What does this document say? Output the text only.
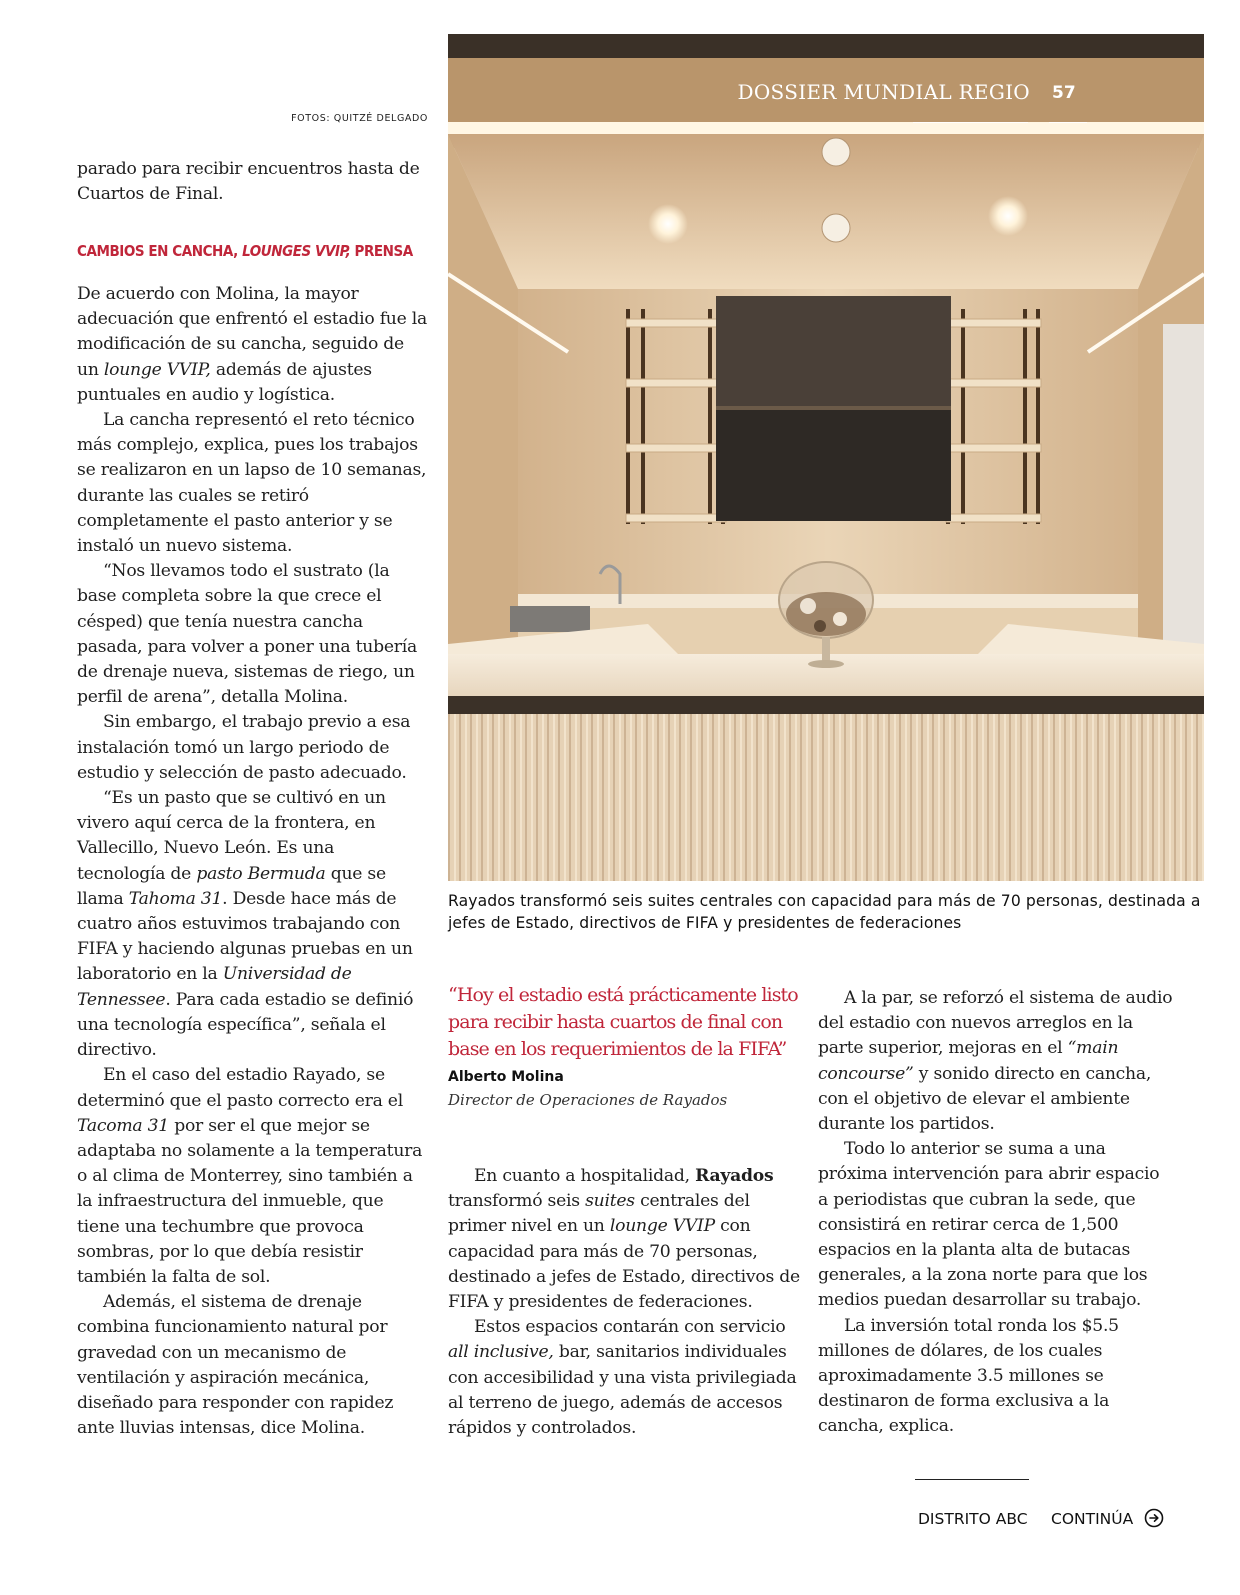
FOTOS: QUITZÉ DELGADO
DOSSIER MUNDIAL REGIO 57

parado para recibir encuentros hasta de Cuartos de Final.

CAMBIOS EN CANCHA, LOUNGES VVIP, PRENSA

De acuerdo con Molina, la mayor adecuación que enfrentó el estadio fue la modificación de su cancha, seguido de un lounge VVIP, además de ajustes puntuales en audio y logística.

La cancha representó el reto técnico más complejo, explica, pues los trabajos se realizaron en un lapso de 10 semanas, durante las cuales se retiró completamente el pasto anterior y se instaló un nuevo sistema.

“Nos llevamos todo el sustrato (la base completa sobre la que crece el césped) que tenía nuestra cancha pasada, para volver a poner una tubería de drenaje nueva, sistemas de riego, un perfil de arena”, detalla Molina.

Sin embargo, el trabajo previo a esa instalación tomó un largo periodo de estudio y selección de pasto adecuado.

“Es un pasto que se cultivó en un vivero aquí cerca de la frontera, en Vallecillo, Nuevo León. Es una tecnología de pasto Bermuda que se llama Tahoma 31. Desde hace más de cuatro años estuvimos trabajando con FIFA y haciendo algunas pruebas en un laboratorio en la Universidad de Tennessee. Para cada estadio se definió una tecnología específica”, señala el directivo.

En el caso del estadio Rayado, se determinó que el pasto correcto era el Tacoma 31 por ser el que mejor se adaptaba no solamente a la temperatura o al clima de Monterrey, sino también a la infraestructura del inmueble, que tiene una techumbre que provoca sombras, por lo que debía resistir también la falta de sol.

Además, el sistema de drenaje combina funcionamiento natural por gravedad con un mecanismo de ventilación y aspiración mecánica, diseñado para responder con rapidez ante lluvias intensas, dice Molina.

Rayados transformó seis suites centrales con capacidad para más de 70 personas, destinada a jefes de Estado, directivos de FIFA y presidentes de federaciones
“Hoy el estadio está prácticamente listo para recibir hasta cuartos de final con base en los requerimientos de la FIFA”
Alberto Molina
Director de Operaciones de Rayados

En cuanto a hospitalidad, Rayados transformó seis suites centrales del primer nivel en un lounge VVIP con capacidad para más de 70 personas, destinado a jefes de Estado, directivos de FIFA y presidentes de federaciones.

Estos espacios contarán con servicio all inclusive, bar, sanitarios individuales con accesibilidad y una vista privilegiada al terreno de juego, además de accesos rápidos y controlados.

A la par, se reforzó el sistema de audio del estadio con nuevos arreglos en la parte superior, mejoras en el “main concourse” y sonido directo en cancha, con el objetivo de elevar el ambiente durante los partidos.

Todo lo anterior se suma a una próxima intervención para abrir espacio a periodistas que cubran la sede, que consistirá en retirar cerca de 1,500 espacios en la planta alta de butacas generales, a la zona norte para que los medios puedan desarrollar su trabajo.

La inversión total ronda los $5.5 millones de dólares, de los cuales aproximadamente 3.5 millones se destinaron de forma exclusiva a la cancha, explica.

DISTRITO ABC CONTINÚA
